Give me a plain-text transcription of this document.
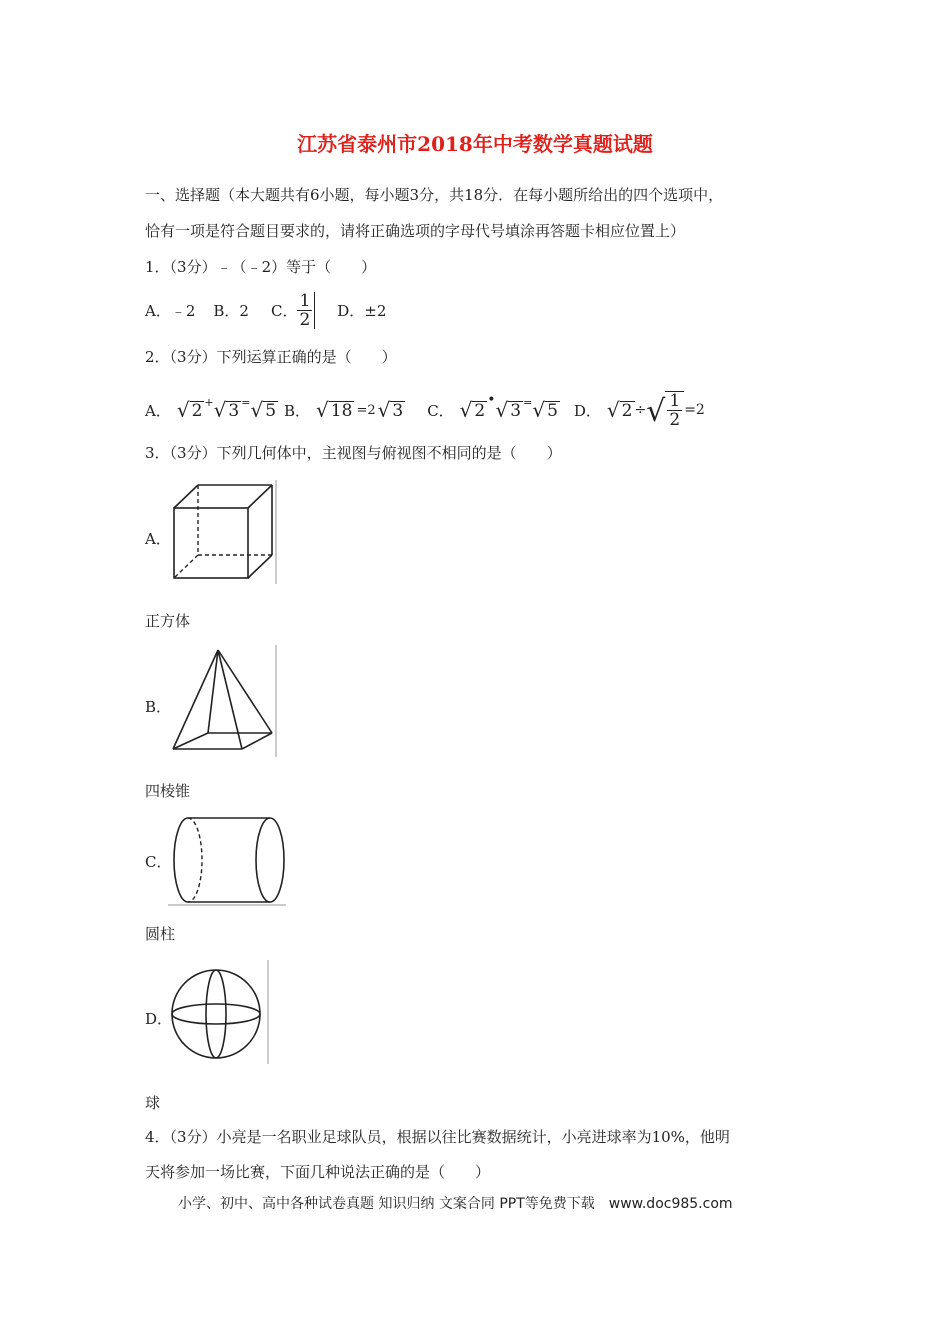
江苏省泰州市2018年中考数学真题试题
一、选择题（本大题共有6小题，每小题3分，共18分．在每小题所给出的四个选项中，
恰有一项是符合题目要求的，请将正确选项的字母代号填涂再答题卡相应位置上）
1．（3分）﹣（﹣2）等于（　　）
A．﹣2 B．2 C． $\frac{1}{2}$ D．±2
2．（3分）下列运算正确的是（　　）
A． √ 2 + √ 3 = √ 5 B． √ 18 =2 √ 3 C． √ 2
• √ 3 = √ 5 D． √ 2 ÷ √ $\frac{1}{2} =2$
3．（3分）下列几何体中，主视图与俯视图不相同的是（　　）
A．
正方体
B．
四棱锥
C．
圆柱
D．
球
4．（3分）小亮是一名职业足球队员，根据以往比赛数据统计，小亮进球率为10%，他明
天将参加一场比赛，下面几种说法正确的是（　　）
小学、初中、高中各种试卷真题 知识归纳 文案合同 PPT等免费下载　www.doc985.com
